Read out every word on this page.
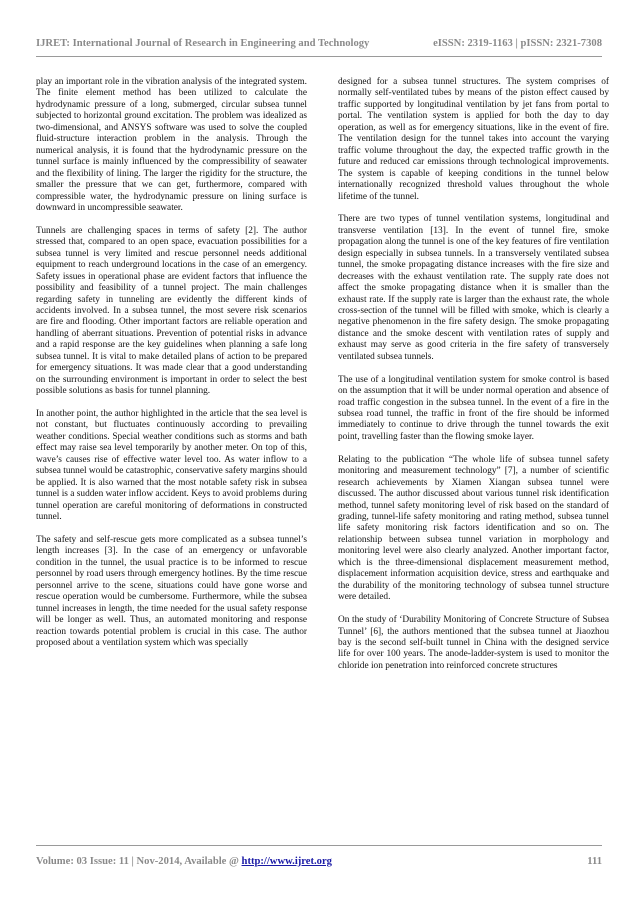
IJRET: International Journal of Research in Engineering and Technology	eISSN: 2319-1163 | pISSN: 2321-7308

play an important role in the vibration analysis of the integrated system. The finite element method has been utilized to calculate the hydrodynamic pressure of a long, submerged, circular subsea tunnel subjected to horizontal ground excitation. The problem was idealized as two-dimensional, and ANSYS software was used to solve the coupled fluid-structure interaction problem in the analysis. Through the numerical analysis, it is found that the hydrodynamic pressure on the tunnel surface is mainly influenced by the compressibility of seawater and the flexibility of lining. The larger the rigidity for the structure, the smaller the pressure that we can get, furthermore, compared with compressible water, the hydrodynamic pressure on lining surface is downward in uncompressible seawater.

Tunnels are challenging spaces in terms of safety [2]. The author stressed that, compared to an open space, evacuation possibilities for a subsea tunnel is very limited and rescue personnel needs additional equipment to reach underground locations in the case of an emergency. Safety issues in operational phase are evident factors that influence the possibility and feasibility of a tunnel project. The main challenges regarding safety in tunneling are evidently the different kinds of accidents involved. In a subsea tunnel, the most severe risk scenarios are fire and flooding. Other important factors are reliable operation and handling of aberrant situations. Prevention of potential risks in advance and a rapid response are the key guidelines when planning a safe long subsea tunnel. It is vital to make detailed plans of action to be prepared for emergency situations. It was made clear that a good understanding on the surrounding environment is important in order to select the best possible solutions as basis for tunnel planning.

In another point, the author highlighted in the article that the sea level is not constant, but fluctuates continuously according to prevailing weather conditions. Special weather conditions such as storms and bath effect may raise sea level temporarily by another meter. On top of this, wave’s causes rise of effective water level too. As water inflow to a subsea tunnel would be catastrophic, conservative safety margins should be applied. It is also warned that the most notable safety risk in subsea tunnel is a sudden water inflow accident. Keys to avoid problems during tunnel operation are careful monitoring of deformations in constructed tunnel.

The safety and self-rescue gets more complicated as a subsea tunnel’s length increases [3]. In the case of an emergency or unfavorable condition in the tunnel, the usual practice is to be informed to rescue personnel by road users through emergency hotlines. By the time rescue personnel arrive to the scene, situations could have gone worse and rescue operation would be cumbersome. Furthermore, while the subsea tunnel increases in length, the time needed for the usual safety response will be longer as well. Thus, an automated monitoring and response reaction towards potential problem is crucial in this case. The author proposed about a ventilation system which was specially

designed for a subsea tunnel structures. The system comprises of normally self-ventilated tubes by means of the piston effect caused by traffic supported by longitudinal ventilation by jet fans from portal to portal. The ventilation system is applied for both the day to day operation, as well as for emergency situations, like in the event of fire. The ventilation design for the tunnel takes into account the varying traffic volume throughout the day, the expected traffic growth in the future and reduced car emissions through technological improvements. The system is capable of keeping conditions in the tunnel below internationally recognized threshold values throughout the whole lifetime of the tunnel.

There are two types of tunnel ventilation systems, longitudinal and transverse ventilation [13]. In the event of tunnel fire, smoke propagation along the tunnel is one of the key features of fire ventilation design especially in subsea tunnels. In a transversely ventilated subsea tunnel, the smoke propagating distance increases with the fire size and decreases with the exhaust ventilation rate. The supply rate does not affect the smoke propagating distance when it is smaller than the exhaust rate. If the supply rate is larger than the exhaust rate, the whole cross-section of the tunnel will be filled with smoke, which is clearly a negative phenomenon in the fire safety design. The smoke propagating distance and the smoke descent with ventilation rates of supply and exhaust may serve as good criteria in the fire safety of transversely ventilated subsea tunnels.

The use of a longitudinal ventilation system for smoke control is based on the assumption that it will be under normal operation and absence of road traffic congestion in the subsea tunnel. In the event of a fire in the subsea road tunnel, the traffic in front of the fire should be informed immediately to continue to drive through the tunnel towards the exit point, travelling faster than the flowing smoke layer.

Relating to the publication “The whole life of subsea tunnel safety monitoring and measurement technology” [7], a number of scientific research achievements by Xiamen Xiangan subsea tunnel were discussed. The author discussed about various tunnel risk identification method, tunnel safety monitoring level of risk based on the standard of grading, tunnel-life safety monitoring and rating method, subsea tunnel life safety monitoring risk factors identification and so on. The relationship between subsea tunnel variation in morphology and monitoring level were also clearly analyzed. Another important factor, which is the three-dimensional displacement measurement method, displacement information acquisition device, stress and earthquake and the durability of the monitoring technology of subsea tunnel structure were detailed.

On the study of ‘Durability Monitoring of Concrete Structure of Subsea Tunnel’ [6], the authors mentioned that the subsea tunnel at Jiaozhou bay is the second self-built tunnel in China with the designed service life for over 100 years. The anode-ladder-system is used to monitor the chloride ion penetration into reinforced concrete structures

Volume: 03 Issue: 11 | Nov-2014, Available @ http://www.ijret.org	111
